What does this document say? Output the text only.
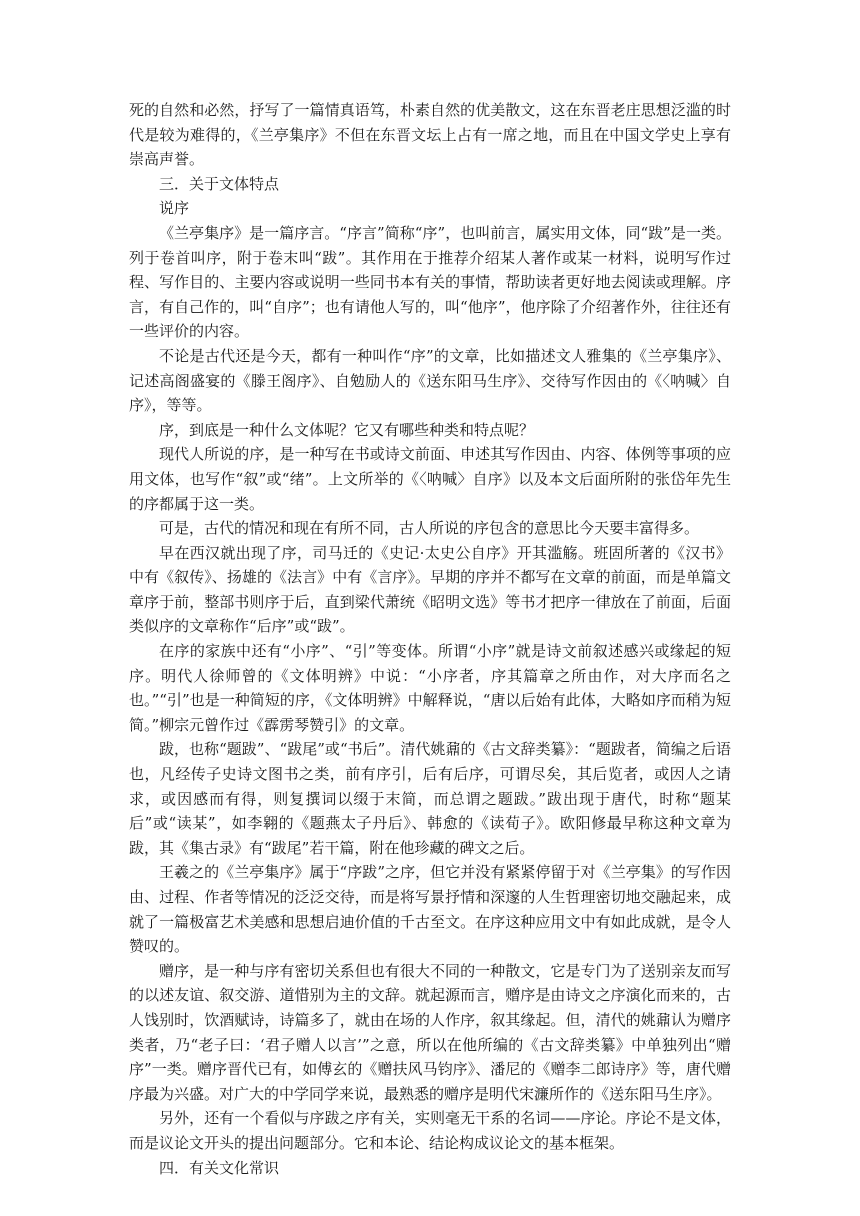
死的自然和必然，抒写了一篇情真语笃，朴素自然的优美散文，这在东晋老庄思想泛滥的时代是较为难得的，《兰亭集序》不但在东晋文坛上占有一席之地，而且在中国文学史上享有崇高声誉。

三．关于文体特点

说序

《兰亭集序》是一篇序言。“序言”简称“序”，也叫前言，属实用文体，同“跋”是一类。列于卷首叫序，附于卷末叫“跋”。其作用在于推荐介绍某人著作或某一材料，说明写作过程、写作目的、主要内容或说明一些同书本有关的事情，帮助读者更好地去阅读或理解。序言，有自己作的，叫“自序”；也有请他人写的，叫“他序”，他序除了介绍著作外，往往还有一些评价的内容。

不论是古代还是今天，都有一种叫作“序”的文章，比如描述文人雅集的《兰亭集序》、记述高阁盛宴的《滕王阁序》、自勉励人的《送东阳马生序》、交待写作因由的《〈呐喊〉自序》，等等。

序，到底是一种什么文体呢？它又有哪些种类和特点呢？

现代人所说的序，是一种写在书或诗文前面、申述其写作因由、内容、体例等事项的应用文体，也写作“叙”或“绪”。上文所举的《〈呐喊〉自序》以及本文后面所附的张岱年先生的序都属于这一类。

可是，古代的情况和现在有所不同，古人所说的序包含的意思比今天要丰富得多。

早在西汉就出现了序，司马迁的《史记·太史公自序》开其滥觞。班固所著的《汉书》中有《叙传》、扬雄的《法言》中有《言序》。早期的序并不都写在文章的前面，而是单篇文章序于前，整部书则序于后，直到梁代萧统《昭明文选》等书才把序一律放在了前面，后面类似序的文章称作“后序”或“跋”。

在序的家族中还有“小序”、“引”等变体。所谓“小序”就是诗文前叙述感兴或缘起的短序。明代人徐师曾的《文体明辨》中说：“小序者，序其篇章之所由作，对大序而名之也。”“引”也是一种简短的序，《文体明辨》中解释说，“唐以后始有此体，大略如序而稍为短简。”柳宗元曾作过《霹雳琴赞引》的文章。

跋，也称“题跋”、“跋尾”或“书后”。清代姚鼐的《古文辞类纂》：“题跋者，简编之后语也，凡经传子史诗文图书之类，前有序引，后有后序，可谓尽矣，其后览者，或因人之请求，或因感而有得，则复撰词以缀于末简，而总谓之题跋。”跋出现于唐代，时称“题某后”或“读某”，如李翱的《题燕太子丹后》、韩愈的《读荀子》。欧阳修最早称这种文章为跋，其《集古录》有“跋尾”若干篇，附在他珍藏的碑文之后。

王羲之的《兰亭集序》属于“序跋”之序，但它并没有紧紧停留于对《兰亭集》的写作因由、过程、作者等情况的泛泛交待，而是将写景抒情和深邃的人生哲理密切地交融起来，成就了一篇极富艺术美感和思想启迪价值的千古至文。在序这种应用文中有如此成就，是令人赞叹的。

赠序，是一种与序有密切关系但也有很大不同的一种散文，它是专门为了送别亲友而写的以述友谊、叙交游、道惜别为主的文辞。就起源而言，赠序是由诗文之序演化而来的，古人饯别时，饮酒赋诗，诗篇多了，就由在场的人作序，叙其缘起。但，清代的姚鼐认为赠序类者，乃“老子曰：‘君子赠人以言’”之意，所以在他所编的《古文辞类纂》中单独列出“赠序”一类。赠序晋代已有，如傅玄的《赠扶风马钧序》、潘尼的《赠李二郎诗序》等，唐代赠序最为兴盛。对广大的中学同学来说，最熟悉的赠序是明代宋濂所作的《送东阳马生序》。

另外，还有一个看似与序跋之序有关，实则毫无干系的名词——序论。序论不是文体，而是议论文开头的提出问题部分。它和本论、结论构成议论文的基本框架。

四．有关文化常识
